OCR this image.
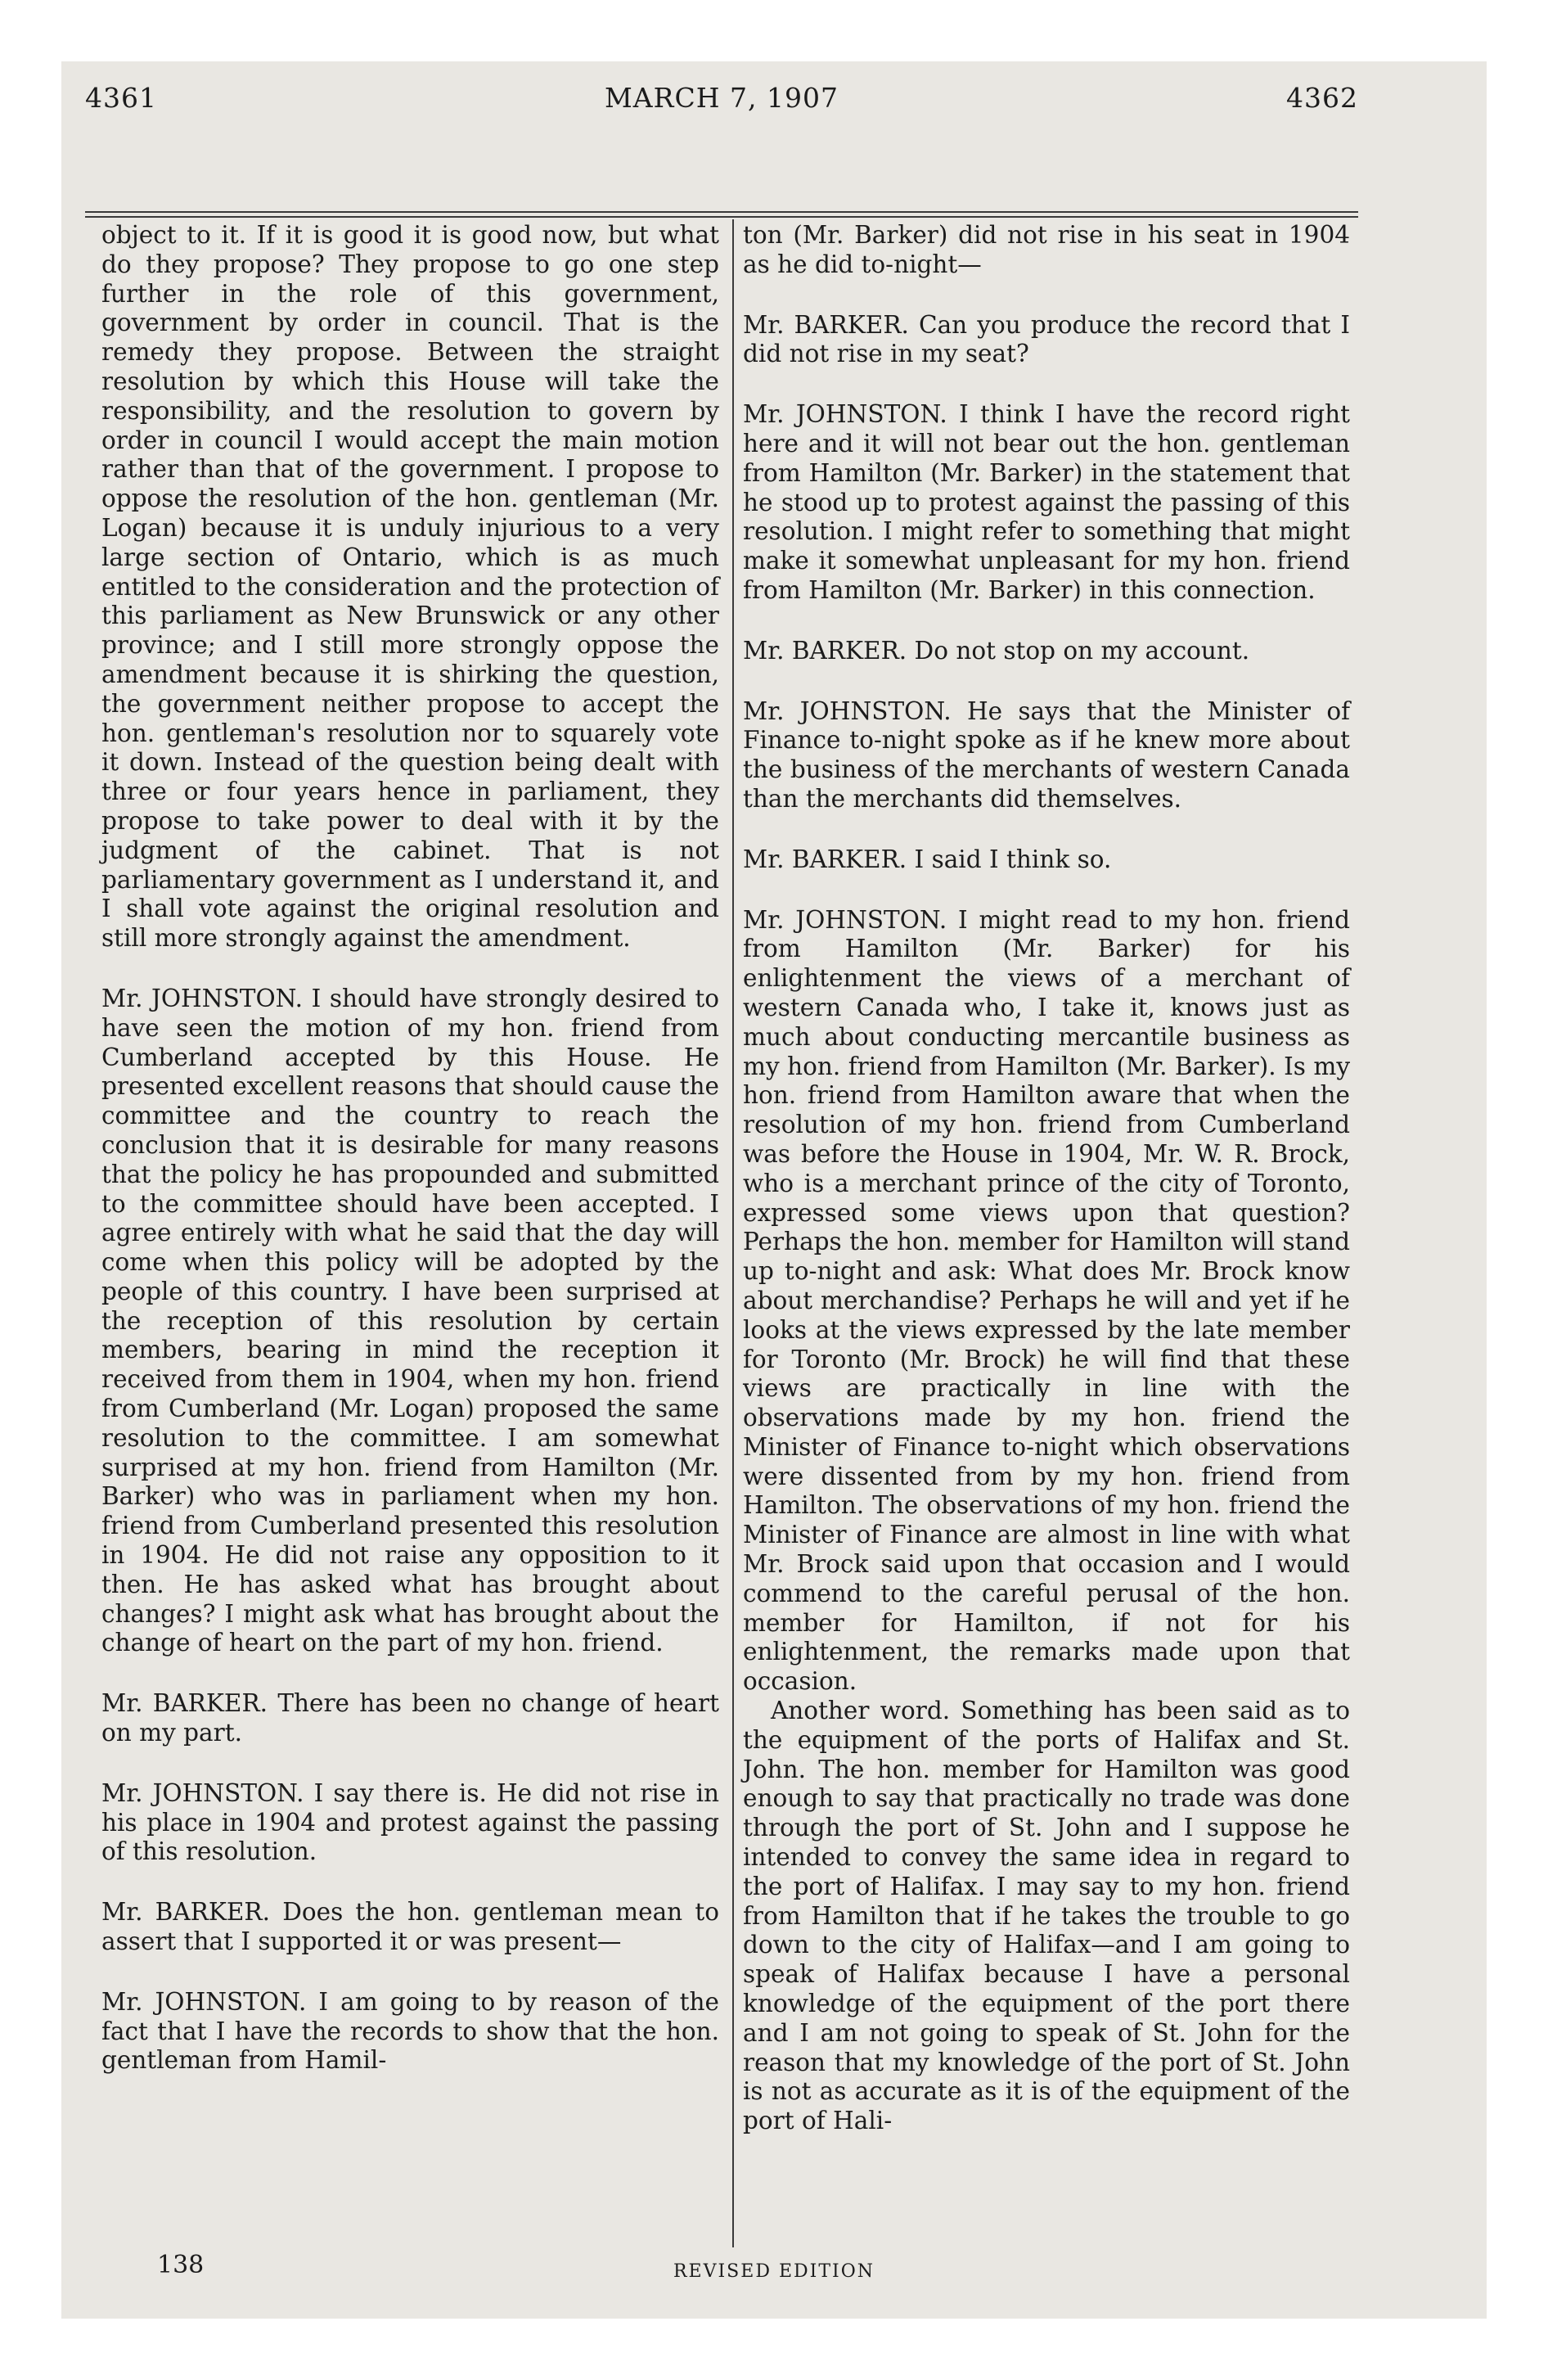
4361	MARCH 7, 1907	4362

object to it. If it is good it is good now, but what do they propose? They propose to go one step further in the role of this government, government by order in council. That is the remedy they propose. Between the straight resolution by which this House will take the responsibility, and the resolution to govern by order in council I would accept the main motion rather than that of the government. I propose to oppose the resolution of the hon. gentleman (Mr. Logan) because it is unduly injurious to a very large section of Ontario, which is as much entitled to the consideration and the protection of this parliament as New Brunswick or any other province; and I still more strongly oppose the amendment because it is shirking the question, the government neither propose to accept the hon. gentleman's resolution nor to squarely vote it down. Instead of the question being dealt with three or four years hence in parliament, they propose to take power to deal with it by the judgment of the cabinet. That is not parliamentary government as I understand it, and I shall vote against the original resolution and still more strongly against the amendment.

Mr. JOHNSTON. I should have strongly desired to have seen the motion of my hon. friend from Cumberland accepted by this House. He presented excellent reasons that should cause the committee and the country to reach the conclusion that it is desirable for many reasons that the policy he has propounded and submitted to the committee should have been accepted. I agree entirely with what he said that the day will come when this policy will be adopted by the people of this country. I have been surprised at the reception of this resolution by certain members, bearing in mind the reception it received from them in 1904, when my hon. friend from Cumberland (Mr. Logan) proposed the same resolution to the committee. I am somewhat surprised at my hon. friend from Hamilton (Mr. Barker) who was in parliament when my hon. friend from Cumberland presented this resolution in 1904. He did not raise any opposition to it then. He has asked what has brought about changes? I might ask what has brought about the change of heart on the part of my hon. friend.

Mr. BARKER. There has been no change of heart on my part.

Mr. JOHNSTON. I say there is. He did not rise in his place in 1904 and protest against the passing of this resolution.

Mr. BARKER. Does the hon. gentleman mean to assert that I supported it or was present—

Mr. JOHNSTON. I am going to by reason of the fact that I have the records to show that the hon. gentleman from Hamil-

ton (Mr. Barker) did not rise in his seat in 1904 as he did to-night—

Mr. BARKER. Can you produce the record that I did not rise in my seat?

Mr. JOHNSTON. I think I have the record right here and it will not bear out the hon. gentleman from Hamilton (Mr. Barker) in the statement that he stood up to protest against the passing of this resolution. I might refer to something that might make it somewhat unpleasant for my hon. friend from Hamilton (Mr. Barker) in this connection.

Mr. BARKER. Do not stop on my account.

Mr. JOHNSTON. He says that the Minister of Finance to-night spoke as if he knew more about the business of the merchants of western Canada than the merchants did themselves.

Mr. BARKER. I said I think so.

Mr. JOHNSTON. I might read to my hon. friend from Hamilton (Mr. Barker) for his enlightenment the views of a merchant of western Canada who, I take it, knows just as much about conducting mercantile business as my hon. friend from Hamilton (Mr. Barker). Is my hon. friend from Hamilton aware that when the resolution of my hon. friend from Cumberland was before the House in 1904, Mr. W. R. Brock, who is a merchant prince of the city of Toronto, expressed some views upon that question? Perhaps the hon. member for Hamilton will stand up to-night and ask: What does Mr. Brock know about merchandise? Perhaps he will and yet if he looks at the views expressed by the late member for Toronto (Mr. Brock) he will find that these views are practically in line with the observations made by my hon. friend the Minister of Finance to-night which observations were dissented from by my hon. friend from Hamilton. The observations of my hon. friend the Minister of Finance are almost in line with what Mr. Brock said upon that occasion and I would commend to the careful perusal of the hon. member for Hamilton, if not for his enlightenment, the remarks made upon that occasion.

Another word. Something has been said as to the equipment of the ports of Halifax and St. John. The hon. member for Hamilton was good enough to say that practically no trade was done through the port of St. John and I suppose he intended to convey the same idea in regard to the port of Halifax. I may say to my hon. friend from Hamilton that if he takes the trouble to go down to the city of Halifax—and I am going to speak of Halifax because I have a personal knowledge of the equipment of the port there and I am not going to speak of St. John for the reason that my knowledge of the port of St. John is not as accurate as it is of the equipment of the port of Hali-

138	REVISED EDITION
